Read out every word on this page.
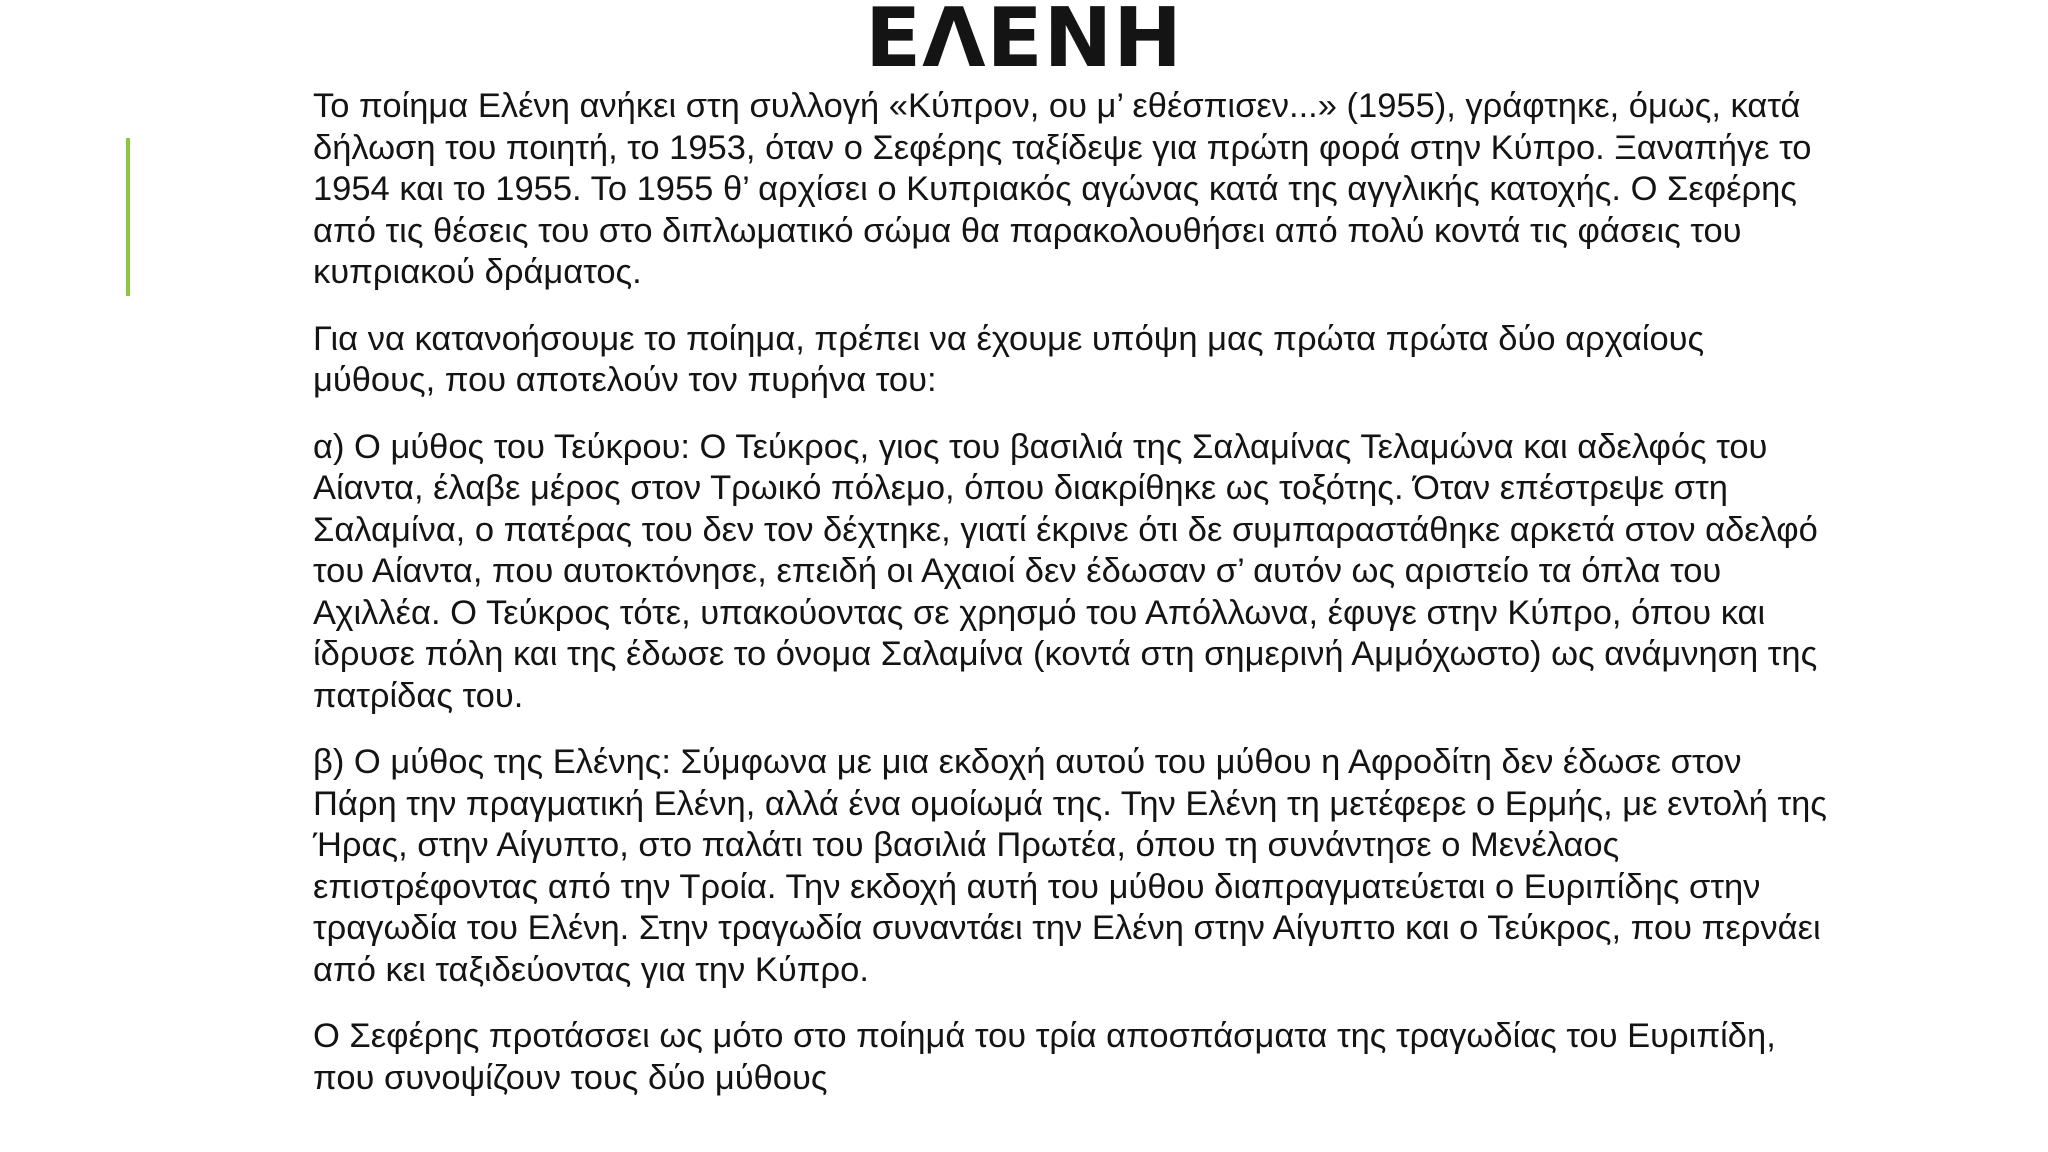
ΕΛΕΝΗ

Το ποίημα Ελένη ανήκει στη συλλογή «Κύπρον, ου μ’ εθέσπισεν...» (1955), γράφτηκε, όμως, κατά δήλωση του ποιητή, το 1953, όταν ο Σεφέρης ταξίδεψε για πρώτη φορά στην Κύπρο. Ξαναπήγε το 1954 και το 1955. Το 1955 θ’ αρχίσει ο Κυπριακός αγώνας κατά της αγγλικής κατοχής. Ο Σεφέρης από τις θέσεις του στο διπλωματικό σώμα θα παρακολουθήσει από πολύ κοντά τις φάσεις του κυπριακού δράματος.

Για να κατανοήσουμε το ποίημα, πρέπει να έχουμε υπόψη μας πρώτα πρώτα δύο αρχαίους μύθους, που αποτελούν τον πυρήνα του:

α) Ο μύθος του Τεύκρου: Ο Τεύκρος, γιος του βασιλιά της Σαλαμίνας Τελαμώνα και αδελφός του Αίαντα, έλαβε μέρος στον Τρωικό πόλεμο, όπου διακρίθηκε ως τοξότης. Όταν επέστρεψε στη Σαλαμίνα, ο πατέρας του δεν τον δέχτηκε, γιατί έκρινε ότι δε συμπαραστάθηκε αρκετά στον αδελφό του Αίαντα, που αυτοκτόνησε, επειδή οι Αχαιοί δεν έδωσαν σ’ αυτόν ως αριστείο τα όπλα του Αχιλλέα. Ο Τεύκρος τότε, υπακούοντας σε χρησμό του Απόλλωνα, έφυγε στην Κύπρο, όπου και ίδρυσε πόλη και της έδωσε το όνομα Σαλαμίνα (κοντά στη σημερινή Αμμόχωστο) ως ανάμνηση της πατρίδας του.

β) Ο μύθος της Ελένης: Σύμφωνα με μια εκδοχή αυτού του μύθου η Αφροδίτη δεν έδωσε στον Πάρη την πραγματική Ελένη, αλλά ένα ομοίωμά της. Την Ελένη τη μετέφερε ο Ερμής, με εντολή της Ήρας, στην Αίγυπτο, στο παλάτι του βασιλιά Πρωτέα, όπου τη συνάντησε ο Μενέλαος επιστρέφοντας από την Τροία. Την εκδοχή αυτή του μύθου διαπραγματεύεται ο Ευριπίδης στην τραγωδία του Ελένη. Στην τραγωδία συναντάει την Ελένη στην Αίγυπτο και ο Τεύκρος, που περνάει από κει ταξιδεύοντας για την Κύπρο.

Ο Σεφέρης προτάσσει ως μότο στο ποίημά του τρία αποσπάσματα της τραγωδίας του Ευριπίδη, που συνοψίζουν τους δύο μύθους
